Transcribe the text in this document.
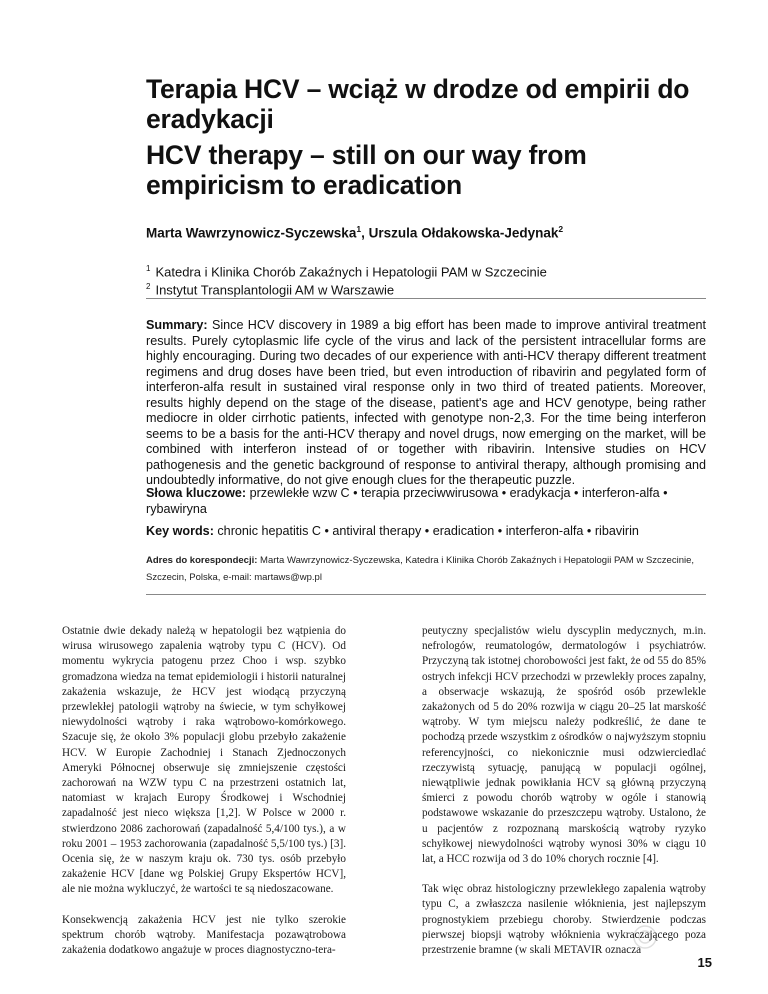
Terapia HCV – wciąż w drodze od empirii do eradykacji
HCV therapy – still on our way from empiricism to eradication
Marta Wawrzynowicz-Syczewska$^1$, Urszula Ołdakowska-Jedynak$^2$
$^1$ Katedra i Klinika Chorób Zakaźnych i Hepatologii PAM w Szczecinie
$^2$ Instytut Transplantologii AM w Warszawie
Summary: Since HCV discovery in 1989 a big effort has been made to improve antiviral treatment results. Purely cytoplasmic life cycle of the virus and lack of the persistent intracellular forms are highly encouraging. During two decades of our experience with anti-HCV therapy different treatment regimens and drug doses have been tried, but even introduction of ribavirin and pegylated form of interferon-alfa result in sustained viral response only in two third of treated patients. Moreover, results highly depend on the stage of the disease, patient's age and HCV genotype, being rather mediocre in older cirrhotic patients, infected with genotype non-2,3. For the time being interferon seems to be a basis for the anti-HCV therapy and novel drugs, now emerging on the market, will be combined with interferon instead of or together with ribavirin. Intensive studies on HCV pathogenesis and the genetic background of response to antiviral therapy, although promising and undoubtedly informative, do not give enough clues for the therapeutic puzzle.
Słowa kluczowe: przewlekłe wzw C • terapia przeciwwirusowa • eradykacja • interferon-alfa • rybawiryna
Key words: chronic hepatitis C • antiviral therapy • eradication • interferon-alfa • ribavirin
Adres do korespondecji: Marta Wawrzynowicz-Syczewska, Katedra i Klinika Chorób Zakaźnych i Hepatologii PAM w Szczecinie, Szczecin, Polska, e-mail: martaws@wp.pl

Ostatnie dwie dekady należą w hepatologii bez wątpienia do wirusa wirusowego zapalenia wątroby typu C (HCV). Od momentu wykrycia patogenu przez Choo i wsp. szybko gromadzona wiedza na temat epidemiologii i historii naturalnej zakażenia wskazuje, że HCV jest wiodącą przyczyną przewlekłej patologii wątroby na świecie, w tym schyłkowej niewydolności wątroby i raka wątrobowo-komórkowego. Szacuje się, że około 3% populacji globu przebyło zakażenie HCV. W Europie Zachodniej i Stanach Zjednoczonych Ameryki Północnej obserwuje się zmniejszenie częstości zachorowań na WZW typu C na przestrzeni ostatnich lat, natomiast w krajach Europy Środkowej i Wschodniej zapadalność jest nieco większa [1,2]. W Polsce w 2000 r. stwierdzono 2086 zachorowań (zapadalność 5,4/100 tys.), a w roku 2001 – 1953 zachorowania (zapadalność 5,5/100 tys.) [3]. Ocenia się, że w naszym kraju ok. 730 tys. osób przebyło zakażenie HCV [dane wg Polskiej Grupy Ekspertów HCV], ale nie można wykluczyć, że wartości te są niedoszacowane.

Konsekwencją zakażenia HCV jest nie tylko szerokie spektrum chorób wątroby. Manifestacja pozawątrobowa zakażenia dodatkowo angażuje w proces diagnostyczno-tera-

peutyczny specjalistów wielu dyscyplin medycznych, m.in. nefrologów, reumatologów, dermatologów i psychiatrów. Przyczyną tak istotnej chorobowości jest fakt, że od 55 do 85% ostrych infekcji HCV przechodzi w przewlekły proces zapalny, a obserwacje wskazują, że spośród osób przewlekle zakażonych od 5 do 20% rozwija w ciągu 20–25 lat marskość wątroby. W tym miejscu należy podkreślić, że dane te pochodzą przede wszystkim z ośrodków o najwyższym stopniu referencyjności, co niekonicznie musi odzwierciedlać rzeczywistą sytuację, panującą w populacji ogólnej, niewątpliwie jednak powikłania HCV są główną przyczyną śmierci z powodu chorób wątroby w ogóle i stanowią podstawowe wskazanie do przeszczepu wątroby. Ustalono, że u pacjentów z rozpoznaną marskością wątroby ryzyko schyłkowej niewydolności wątroby wynosi 30% w ciągu 10 lat, a HCC rozwija od 3 do 10% chorych rocznie [4].

Tak więc obraz histologiczny przewlekłego zapalenia wątroby typu C, a zwłaszcza nasilenie włóknienia, jest najlepszym prognostykiem przebiegu choroby. Stwierdzenie podczas pierwszej biopsji wątroby włóknienia wykraczającego poza przestrzenie bramne (w skali METAVIR oznacza

15
